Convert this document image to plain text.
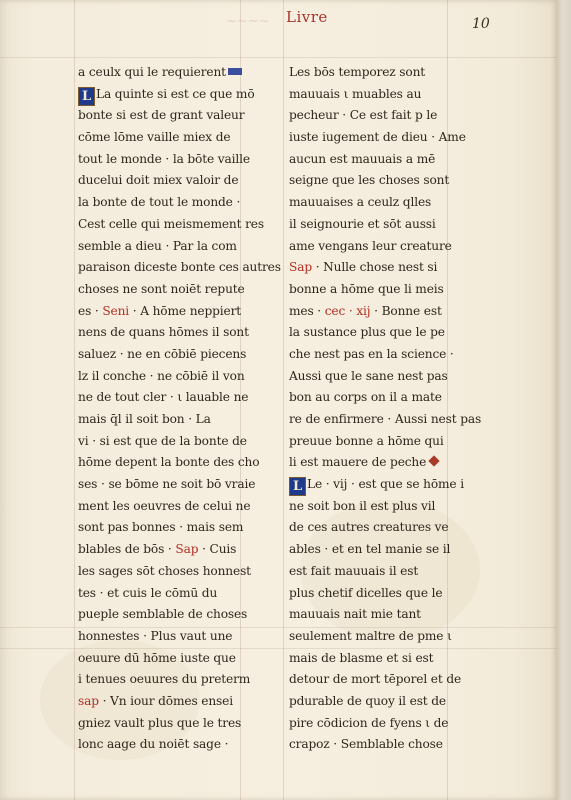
~~~~ Livre	10
a ceulx qui le requierent
L La quinte si est ce que mō
bonte si est de grant valeur
cōme lōme vaille miex de
tout le monde · la bōte vaille
ducelui doit miex valoir de
la bonte de tout le monde ·
Cest celle qui meismement res
semble a dieu · Par la com
paraison diceste bonte ces autres
choses ne sont noiēt repute
es · Seni · A hōme neppiert
nens de quans hōmes il sont
saluez · ne en cōbiē piecens
lz il conche · ne cōbiē il von
ne de tout cler · ι lauable ne
mais q̄l il soit bon · La
vi · si est que de la bonte de
hōme depent la bonte des cho
ses · se bōme ne soit bō vraie
ment les oeuvres de celui ne
sont pas bonnes · mais sem
blables de bōs · Sap · Cuis
les sages sōt choses honnest
tes · et cuis le cōmū du
pueple semblable de choses
honnestes · Plus vaut une
oeuure dū hōme iuste que
i tenues oeuures du preterm
sap · Vn iour dōmes ensei
gniez vault plus que le tres
lonc aage du noiēt sage ·
Les bōs temporez sont
mauuais ι muables au
pecheur · Ce est fait p le
iuste iugement de dieu · Ame
aucun est mauuais a mē
seigne que les choses sont
mauuaises a ceulz qlles
il seignourie et sōt aussi
ame vengans leur creature
Sap · Nulle chose nest si
bonne a hōme que li meis
mes · cec · xij · Bonne est
la sustance plus que le pe
che nest pas en la science ·
Aussi que le sane nest pas
bon au corps on il a mate
re de enfirmere · Aussi nest pas
preuue bonne a hōme qui
li est mauere de peche
L Le · vij · est que se hōme i
ne soit bon il est plus vil
de ces autres creatures ve
ables · et en tel manie se il
est fait mauuais il est
plus chetif dicelles que le
mauuais nait mie tant
seulement maltre de pme ι
mais de blasme et si est
detour de mort tēporel et de
pdurable de quoy il est de
pire cōdicion de fyens ι de
crapoz · Semblable chose
